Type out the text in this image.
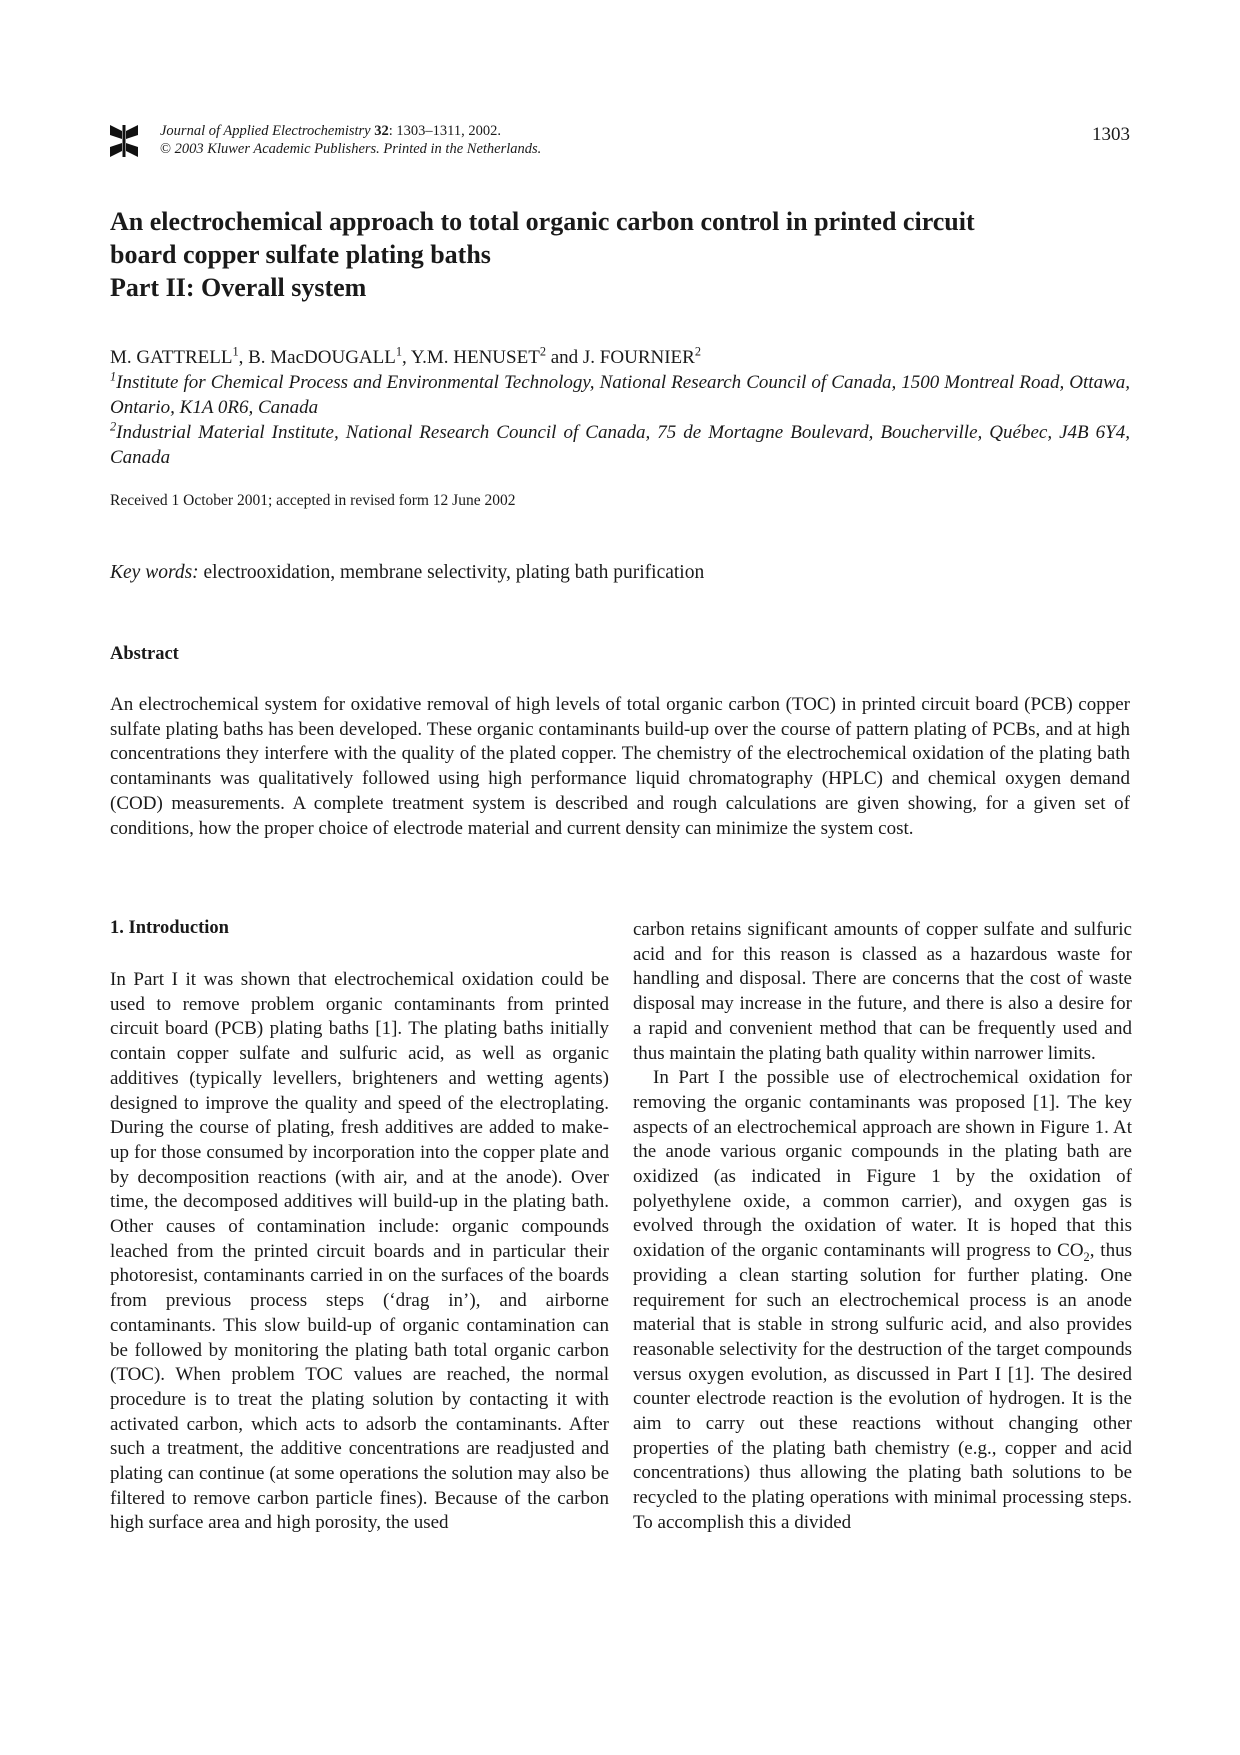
Journal of Applied Electrochemistry 32: 1303–1311, 2002.
© 2003 Kluwer Academic Publishers. Printed in the Netherlands.
1303
An electrochemical approach to total organic carbon control in printed circuit
board copper sulfate plating baths
Part II: Overall system
M. GATTRELL$^1$, B. MacDOUGALL$^1$, Y.M. HENUSET$^2$ and J. FOURNIER$^2$

$^1$Institute for Chemical Process and Environmental Technology, National Research Council of Canada, 1500 Montreal Road, Ottawa, Ontario, K1A 0R6, Canada

$^2$Industrial Material Institute, National Research Council of Canada, 75 de Mortagne Boulevard, Boucherville, Québec, J4B 6Y4, Canada

Received 1 October 2001; accepted in revised form 12 June 2002
Key words: electrooxidation, membrane selectivity, plating bath purification
Abstract

An electrochemical system for oxidative removal of high levels of total organic carbon (TOC) in printed circuit board (PCB) copper sulfate plating baths has been developed. These organic contaminants build-up over the course of pattern plating of PCBs, and at high concentrations they interfere with the quality of the plated copper. The chemistry of the electrochemical oxidation of the plating bath contaminants was qualitatively followed using high performance liquid chromatography (HPLC) and chemical oxygen demand (COD) measurements. A complete treatment system is described and rough calculations are given showing, for a given set of conditions, how the proper choice of electrode material and current density can minimize the system cost.

1. Introduction

In Part I it was shown that electrochemical oxidation could be used to remove problem organic contaminants from printed circuit board (PCB) plating baths [1]. The plating baths initially contain copper sulfate and sulfuric acid, as well as organic additives (typically levellers, brighteners and wetting agents) designed to improve the quality and speed of the electroplating. During the course of plating, fresh additives are added to make-up for those consumed by incorporation into the copper plate and by decomposition reactions (with air, and at the anode). Over time, the decomposed additives will build-up in the plating bath. Other causes of contamination include: organic compounds leached from the printed circuit boards and in particular their photoresist, contaminants carried in on the surfaces of the boards from previous process steps (‘drag in’), and airborne contaminants. This slow build-up of organic contamination can be followed by monitoring the plating bath total organic carbon (TOC). When problem TOC values are reached, the normal procedure is to treat the plating solution by contacting it with activated carbon, which acts to adsorb the contaminants. After such a treatment, the additive concentrations are readjusted and plating can continue (at some operations the solution may also be filtered to remove carbon particle fines). Because of the carbon high surface area and high porosity, the used

carbon retains significant amounts of copper sulfate and sulfuric acid and for this reason is classed as a hazardous waste for handling and disposal. There are concerns that the cost of waste disposal may increase in the future, and there is also a desire for a rapid and convenient method that can be frequently used and thus maintain the plating bath quality within narrower limits.

In Part I the possible use of electrochemical oxidation for removing the organic contaminants was proposed [1]. The key aspects of an electrochemical approach are shown in Figure 1. At the anode various organic compounds in the plating bath are oxidized (as indicated in Figure 1 by the oxidation of polyethylene oxide, a common carrier), and oxygen gas is evolved through the oxidation of water. It is hoped that this oxidation of the organic contaminants will progress to $CO_2$, thus providing a clean starting solution for further plating. One requirement for such an electrochemical process is an anode material that is stable in strong sulfuric acid, and also provides reasonable selectivity for the destruction of the target compounds versus oxygen evolution, as discussed in Part I [1]. The desired counter electrode reaction is the evolution of hydrogen. It is the aim to carry out these reactions without changing other properties of the plating bath chemistry (e.g., copper and acid concentrations) thus allowing the plating bath solutions to be recycled to the plating operations with minimal processing steps. To accomplish this a divided
